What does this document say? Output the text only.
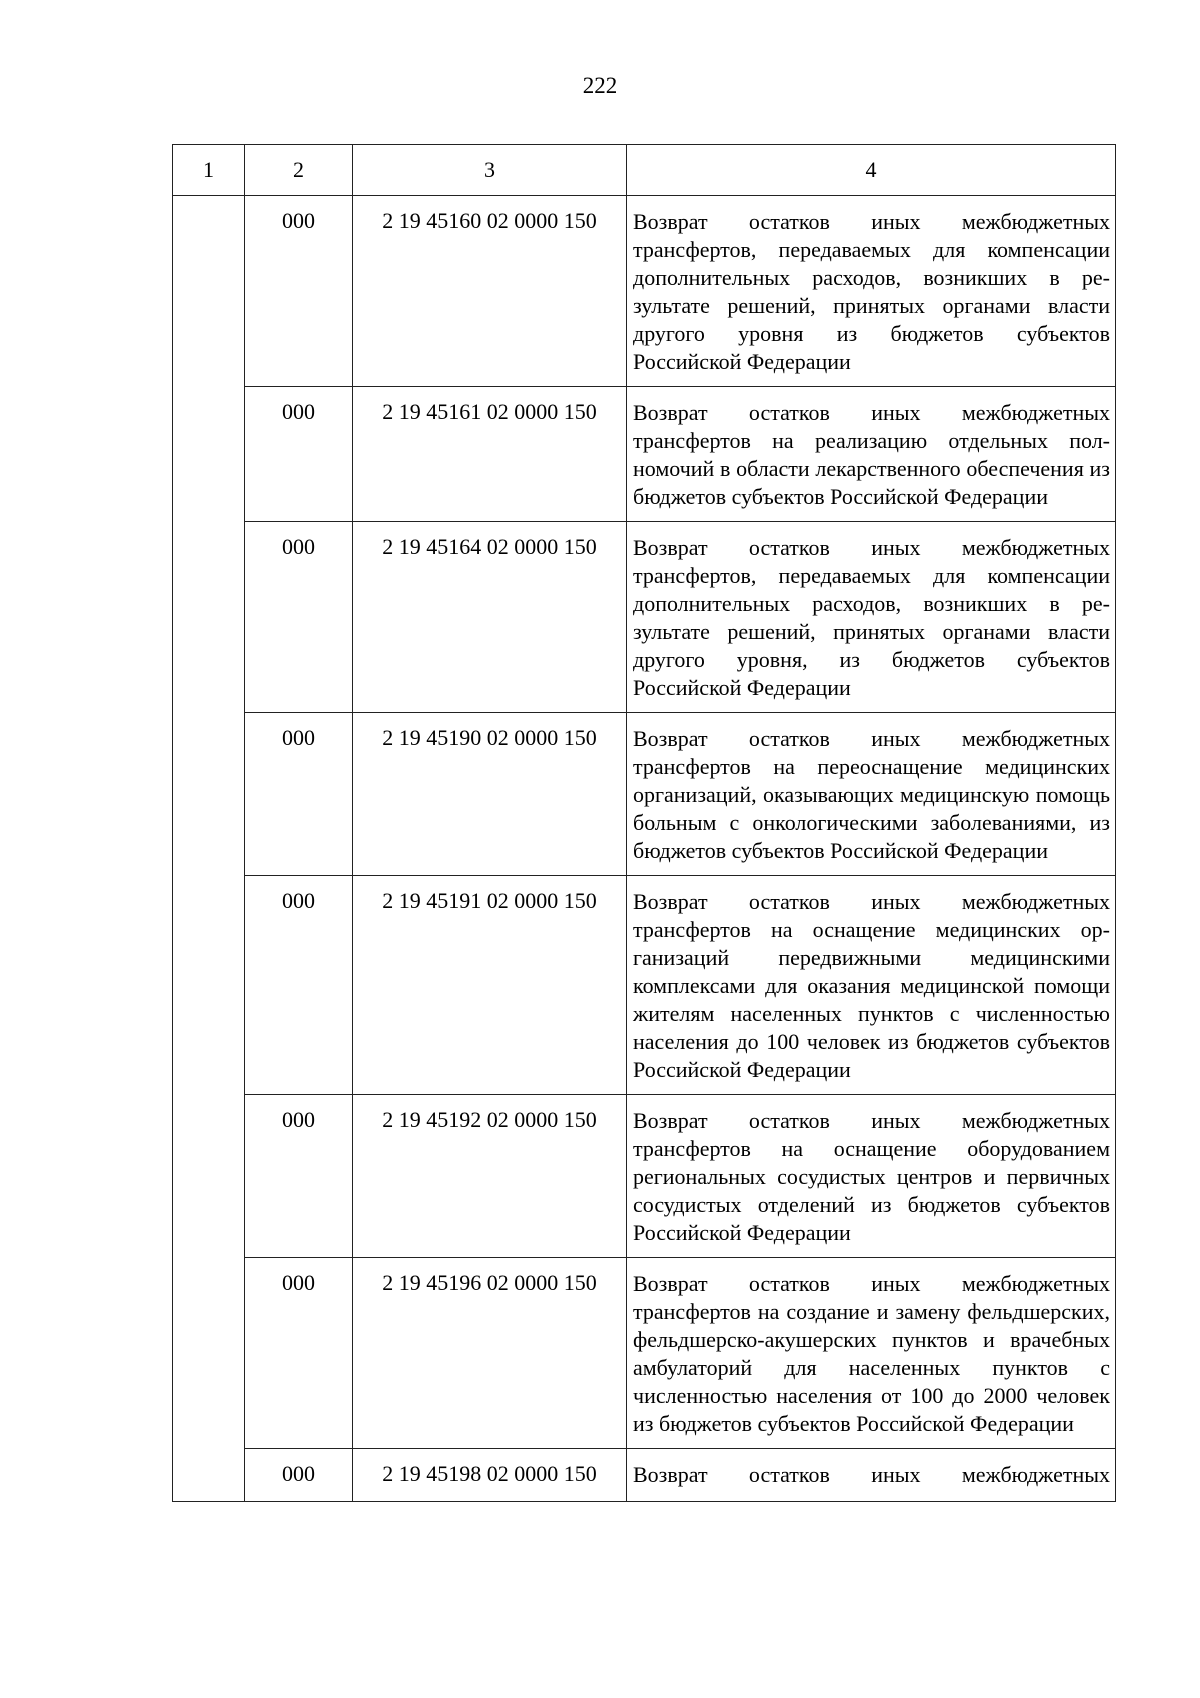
222
1	2	3	4
	000	2 19 45160 02 0000 150	Возврат остатков иных межбюджетных трансфертов, передаваемых для компенсации дополнительных расходов, возникших в результате решений, принятых органами власти другого уровня из бюджетов субъектов Российской Федерации
	000	2 19 45161 02 0000 150	Возврат остатков иных межбюджетных трансфертов на реализацию отдельных полномочий в области лекарственного обеспечения из бюджетов субъектов Российской Федерации
	000	2 19 45164 02 0000 150	Возврат остатков иных межбюджетных трансфертов, передаваемых для компенсации дополнительных расходов, возникших в результате решений, принятых органами власти другого уровня, из бюджетов субъектов Российской Федерации
	000	2 19 45190 02 0000 150	Возврат остатков иных межбюджетных трансфертов на переоснащение медицинских организаций, оказывающих медицинскую помощь больным с онкологическими заболеваниями, из бюджетов субъектов Российской Федерации
	000	2 19 45191 02 0000 150	Возврат остатков иных межбюджетных трансфертов на оснащение медицинских организаций передвижными медицинскими комплексами для оказания медицинской помощи жителям населенных пунктов с численностью населения до 100 человек из бюджетов субъектов Российской Федерации
	000	2 19 45192 02 0000 150	Возврат остатков иных межбюджетных трансфертов на оснащение оборудованием региональных сосудистых центров и первичных сосудистых отделений из бюджетов субъектов Российской Федерации
	000	2 19 45196 02 0000 150	Возврат остатков иных межбюджетных трансфертов на создание и замену фельдшерских, фельдшерско-акушерских пунктов и врачебных амбулаторий для населенных пунктов с численностью населения от 100 до 2000 человек из бюджетов субъектов Российской Федерации
	000	2 19 45198 02 0000 150	Возврат остатков иных межбюджетных
